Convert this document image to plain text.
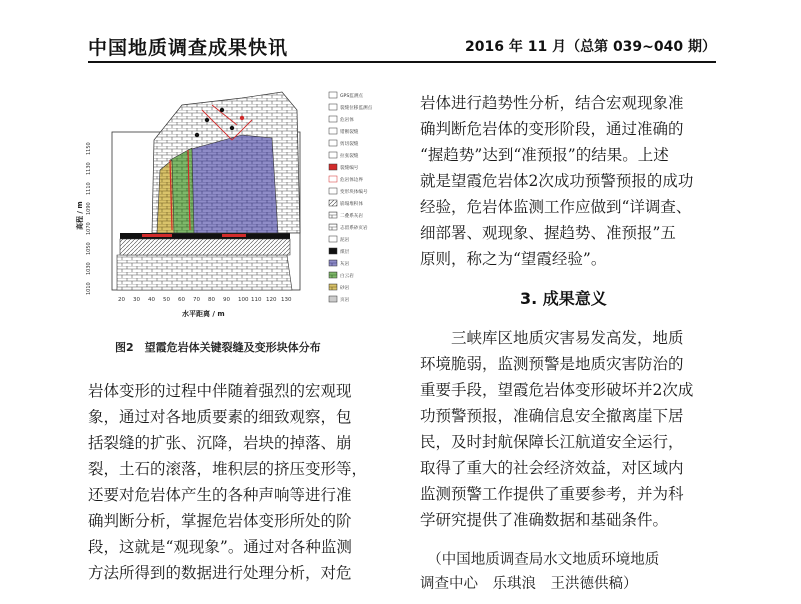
中国地质调查成果快讯	2016 年 11 月（总第 039~040 期）
1010
1030
1050
1070
1090
1110
1130
1150
高程 / m
20 30 40 50 60 70 80 90 100 110 120 130
水平距离 / m
GPS监测点
裂缝位移监测点
危岩体
错断裂缝
剪切裂缝
拉张裂缝
裂缝编号
危岩体边界
变形块体编号
崩塌堆积体
二叠系灰岩
志留系砂页岩
泥岩
煤层
灰岩
白云岩
砂岩
页岩
图2　望霞危岩体关键裂缝及变形块体分布
岩体变形的过程中伴随着强烈的宏观现
象，通过对各地质要素的细致观察，包
括裂缝的扩张、沉降，岩块的掉落、崩
裂，土石的滚落，堆积层的挤压变形等，
还要对危岩体产生的各种声响等进行准
确判断分析，掌握危岩体变形所处的阶
段，这就是“观现象”。通过对各种监测
方法所得到的数据进行处理分析，对危
岩体进行趋势性分析，结合宏观现象准
确判断危岩体的变形阶段，通过准确的
“握趋势”达到“准预报”的结果。上述
就是望霞危岩体2次成功预警预报的成功
经验，危岩体监测工作应做到“详调查、
细部署、观现象、握趋势、准预报”五
原则，称之为“望霞经验”。
3. 成果意义
　　三峡库区地质灾害易发高发，地质
环境脆弱，监测预警是地质灾害防治的
重要手段，望霞危岩体变形破坏并2次成
功预警预报，准确信息安全撤离崖下居
民，及时封航保障长江航道安全运行，
取得了重大的社会经济效益，对区域内
监测预警工作提供了重要参考，并为科
学研究提供了准确数据和基础条件。
　（中国地质调查局水文地质环境地质
调查中心　乐琪浪　王洪德供稿）
